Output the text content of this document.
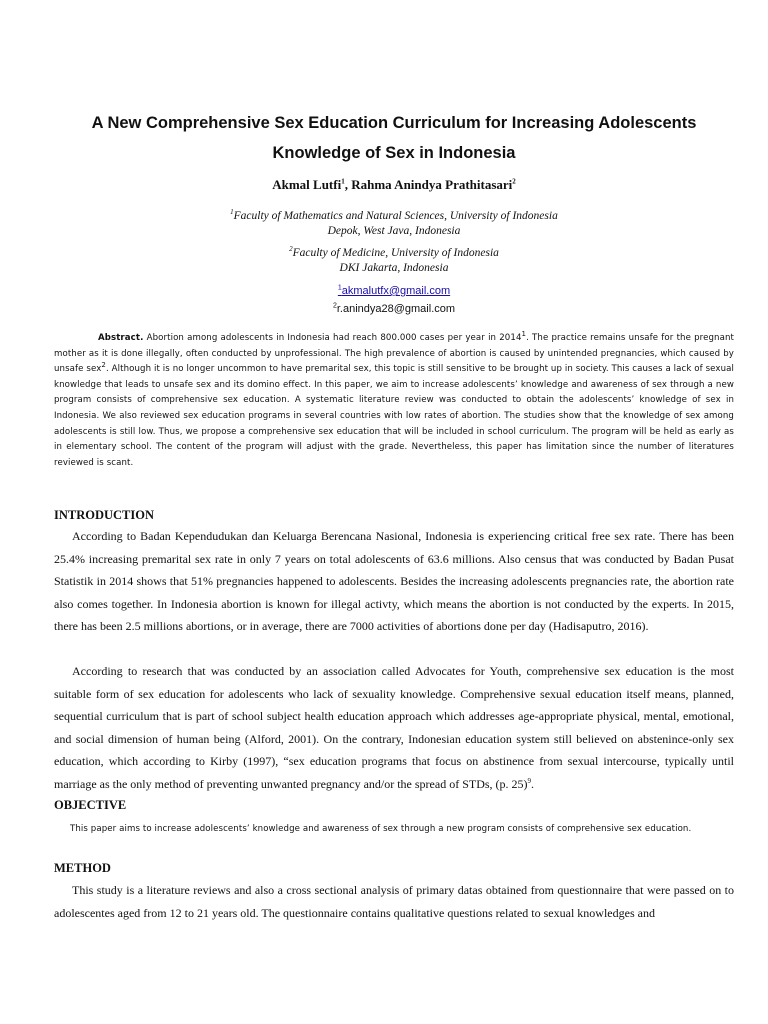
A New Comprehensive Sex Education Curriculum for Increasing Adolescents Knowledge of Sex in Indonesia
Akmal Lutfi$^1$, Rahma Anindya Prathitasari$^2$
$^1$Faculty of Mathematics and Natural Sciences, University of Indonesia
Depok, West Java, Indonesia
$^2$Faculty of Medicine, University of Indonesia
DKI Jakarta, Indonesia
$^1$akmalutfx@gmail.com
$^2$r.anindya28@gmail.com
Abstract. Abortion among adolescents in Indonesia had reach 800.000 cases per year in 2014$^1$. The practice remains unsafe for the pregnant mother as it is done illegally, often conducted by unprofessional. The high prevalence of abortion is caused by unintended pregnancies, which caused by unsafe sex$^2$. Although it is no longer uncommon to have premarital sex, this topic is still sensitive to be brought up in society. This causes a lack of sexual knowledge that leads to unsafe sex and its domino effect. In this paper, we aim to increase adolescents’ knowledge and awareness of sex through a new program consists of comprehensive sex education. A systematic literature review was conducted to obtain the adolescents’ knowledge of sex in Indonesia. We also reviewed sex education programs in several countries with low rates of abortion. The studies show that the knowledge of sex among adolescents is still low. Thus, we propose a comprehensive sex education that will be included in school curriculum. The program will be held as early as in elementary school. The content of the program will adjust with the grade. Nevertheless, this paper has limitation since the number of literatures reviewed is scant.
INTRODUCTION
According to Badan Kependudukan dan Keluarga Berencana Nasional, Indonesia is experiencing critical free sex rate. There has been 25.4% increasing premarital sex rate in only 7 years on total adolescents of 63.6 millions. Also census that was conducted by Badan Pusat Statistik in 2014 shows that 51% pregnancies happened to adolescents. Besides the increasing adolescents pregnancies rate, the abortion rate also comes together. In Indonesia abortion is known for illegal activty, which means the abortion is not conducted by the experts. In 2015, there has been 2.5 millions abortions, or in average, there are 7000 activities of abortions done per day (Hadisaputro, 2016).
According to research that was conducted by an association called Advocates for Youth, comprehensive sex education is the most suitable form of sex education for adolescents who lack of sexuality knowledge. Comprehensive sexual education itself means, planned, sequential curriculum that is part of school subject health education approach which addresses age-appropriate physical, mental, emotional, and social dimension of human being (Alford, 2001). On the contrary, Indonesian education system still believed on abstenince-only sex education, which according to Kirby (1997), “sex education programs that focus on abstinence from sexual intercourse, typically until marriage as the only method of preventing unwanted pregnancy and/or the spread of STDs, (p. 25)$^9$.
OBJECTIVE
This paper aims to increase adolescents’ knowledge and awareness of sex through a new program consists of comprehensive sex education.
METHOD
This study is a literature reviews and also a cross sectional analysis of primary datas obtained from questionnaire that were passed on to adolescentes aged from 12 to 21 years old. The questionnaire contains qualitative questions related to sexual knowledges and
